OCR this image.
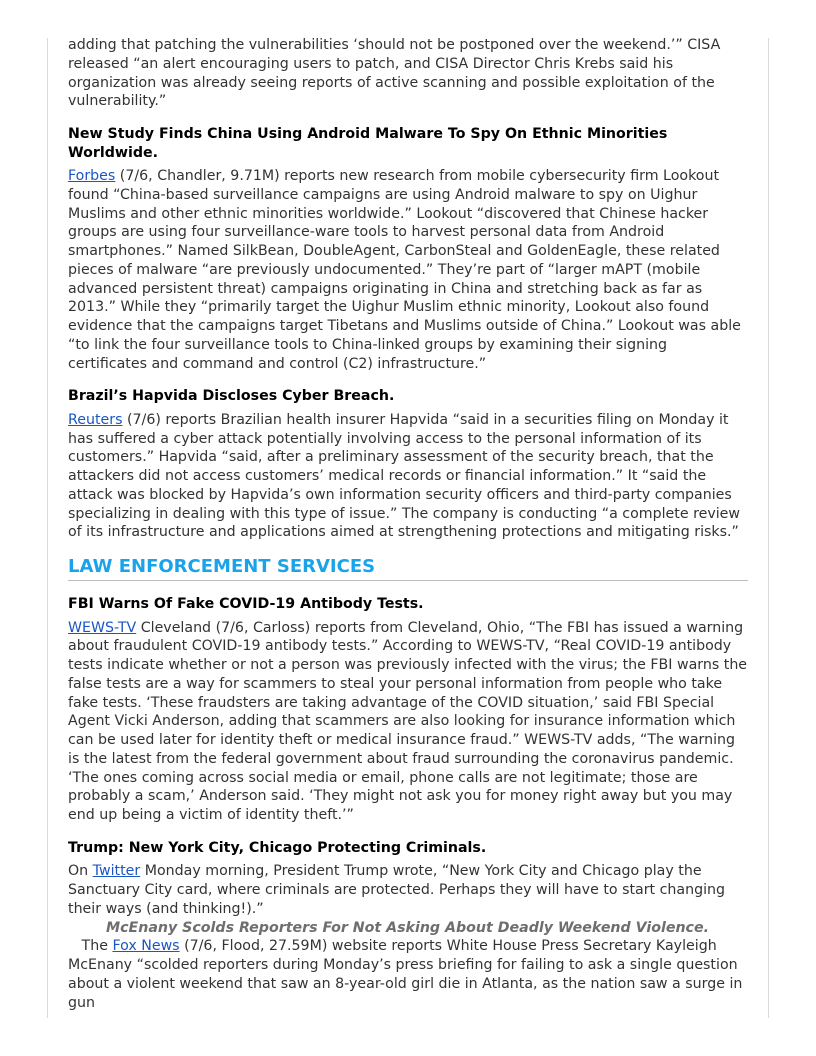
adding that patching the vulnerabilities ‘should not be postponed over the weekend.’” CISA released “an alert encouraging users to patch, and CISA Director Chris Krebs said his organization was already seeing reports of active scanning and possible exploitation of the vulnerability.”

New Study Finds China Using Android Malware To Spy On Ethnic Minorities Worldwide.

Forbes (7/6, Chandler, 9.71M) reports new research from mobile cybersecurity firm Lookout found “China-based surveillance campaigns are using Android malware to spy on Uighur Muslims and other ethnic minorities worldwide.” Lookout “discovered that Chinese hacker groups are using four surveillance-ware tools to harvest personal data from Android smartphones.” Named SilkBean, DoubleAgent, CarbonSteal and GoldenEagle, these related pieces of malware “are previously undocumented.” They’re part of “larger mAPT (mobile advanced persistent threat) campaigns originating in China and stretching back as far as 2013.” While they “primarily target the Uighur Muslim ethnic minority, Lookout also found evidence that the campaigns target Tibetans and Muslims outside of China.” Lookout was able “to link the four surveillance tools to China-linked groups by examining their signing certificates and command and control (C2) infrastructure.”

Brazil’s Hapvida Discloses Cyber Breach.

Reuters (7/6) reports Brazilian health insurer Hapvida “said in a securities filing on Monday it has suffered a cyber attack potentially involving access to the personal information of its customers.” Hapvida “said, after a preliminary assessment of the security breach, that the attackers did not access customers’ medical records or financial information.” It “said the attack was blocked by Hapvida’s own information security officers and third-party companies specializing in dealing with this type of issue.” The company is conducting “a complete review of its infrastructure and applications aimed at strengthening protections and mitigating risks.”

LAW ENFORCEMENT SERVICES
FBI Warns Of Fake COVID-19 Antibody Tests.

WEWS-TV Cleveland (7/6, Carloss) reports from Cleveland, Ohio, “The FBI has issued a warning about fraudulent COVID-19 antibody tests.” According to WEWS-TV, “Real COVID-19 antibody tests indicate whether or not a person was previously infected with the virus; the FBI warns the false tests are a way for scammers to steal your personal information from people who take fake tests. ‘These fraudsters are taking advantage of the COVID situation,’ said FBI Special Agent Vicki Anderson, adding that scammers are also looking for insurance information which can be used later for identity theft or medical insurance fraud.” WEWS-TV adds, “The warning is the latest from the federal government about fraud surrounding the coronavirus pandemic. ‘The ones coming across social media or email, phone calls are not legitimate; those are probably a scam,’ Anderson said. ‘They might not ask you for money right away but you may end up being a victim of identity theft.’”

Trump: New York City, Chicago Protecting Criminals.

On Twitter Monday morning, President Trump wrote, “New York City and Chicago play the Sanctuary City card, where criminals are protected. Perhaps they will have to start changing their ways (and thinking!).”

McEnany Scolds Reporters For Not Asking About Deadly Weekend Violence.   The Fox News (7/6, Flood, 27.59M) website reports White House Press Secretary Kayleigh McEnany “scolded reporters during Monday’s press briefing for failing to ask a single question about a violent weekend that saw an 8-year-old girl die in Atlanta, as the nation saw a surge in gun
